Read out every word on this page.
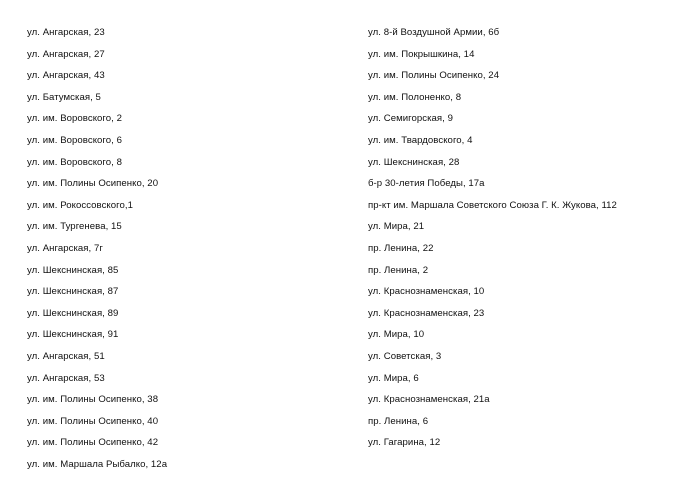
ул. Ангарская, 23
ул. Ангарская, 27
ул. Ангарская, 43
ул. Батумская, 5
ул. им. Воровского, 2
ул. им. Воровского, 6
ул. им. Воровского, 8
ул. им. Полины Осипенко, 20
ул. им. Рокоссовского,1
ул. им. Тургенева, 15
ул. Ангарская, 7г
ул. Шекснинская, 85
ул. Шекснинская, 87
ул. Шекснинская, 89
ул. Шекснинская, 91
ул. Ангарская, 51
ул. Ангарская, 53
ул. им. Полины Осипенко, 38
ул. им. Полины Осипенко, 40
ул. им. Полины Осипенко, 42
ул. им. Маршала Рыбалко, 12а
ул. 8-й Воздушной Армии, 6б
ул. им. Покрышкина, 14
ул. им. Полины Осипенко, 24
ул. им. Полоненко, 8
ул. Семигорская, 9
ул. им. Твардовского, 4
ул. Шекснинская, 28
б-р 30-летия Победы, 17а
пр-кт им. Маршала Советского Союза Г. К. Жукова, 112
ул. Мира, 21
пр. Ленина, 22
пр. Ленина, 2
ул. Краснознаменская, 10
ул. Краснознаменская, 23
ул. Мира, 10
ул. Советская, 3
ул. Мира, 6
ул. Краснознаменская, 21а
пр. Ленина, 6
ул. Гагарина, 12
